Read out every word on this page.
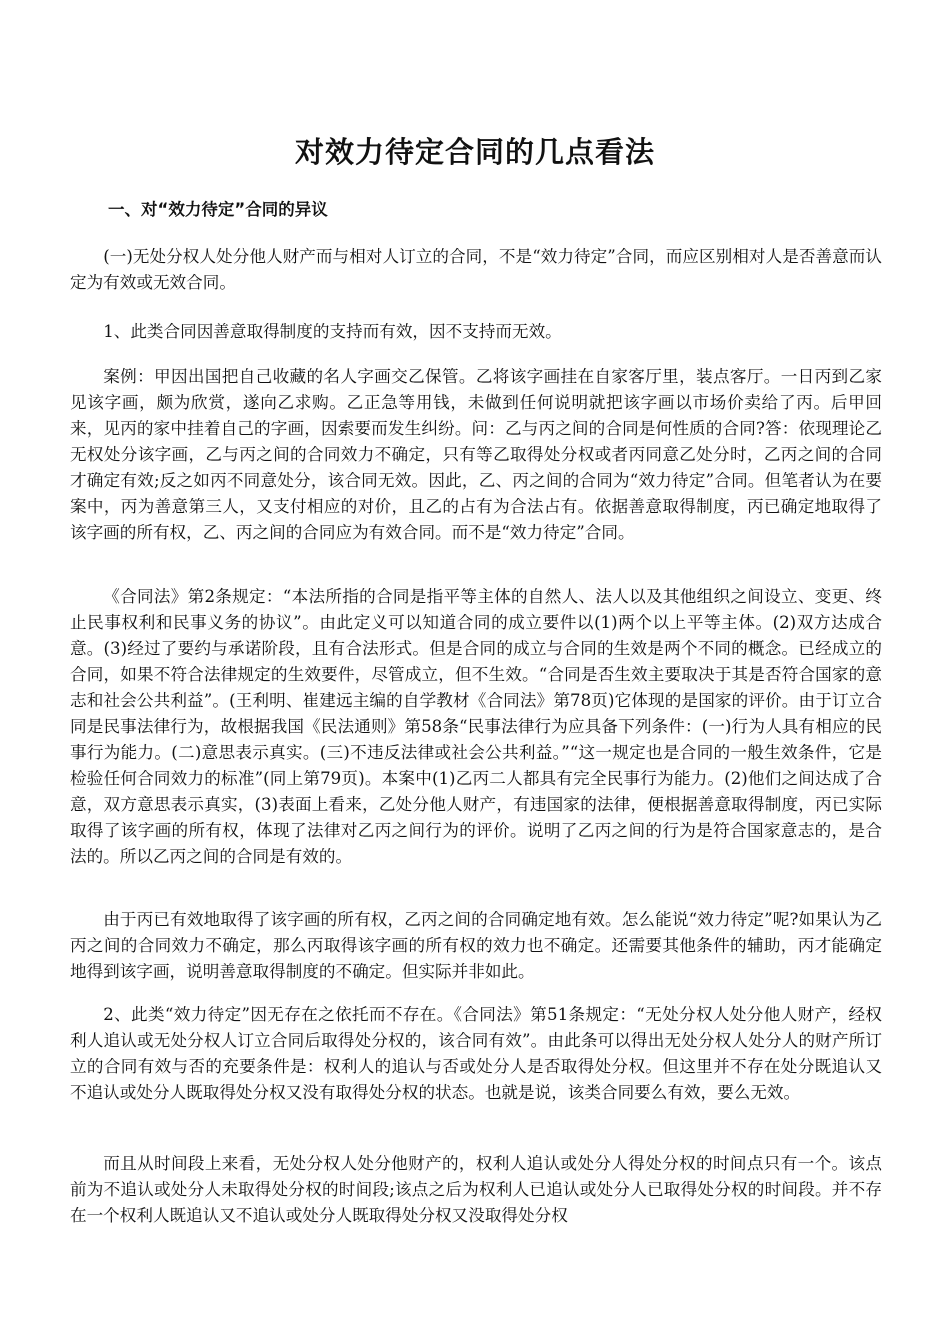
对效力待定合同的几点看法
一、对“效力待定”合同的异议

(一)无处分权人处分他人财产而与相对人订立的合同，不是“效力待定”合同，而应区别相对人是否善意而认定为有效或无效合同。

1、此类合同因善意取得制度的支持而有效，因不支持而无效。

案例：甲因出国把自己收藏的名人字画交乙保管。乙将该字画挂在自家客厅里，装点客厅。一日丙到乙家见该字画，颇为欣赏，遂向乙求购。乙正急等用钱，未做到任何说明就把该字画以市场价卖给了丙。后甲回来，见丙的家中挂着自己的字画，因索要而发生纠纷。问：乙与丙之间的合同是何性质的合同?答：依现理论乙无权处分该字画，乙与丙之间的合同效力不确定，只有等乙取得处分权或者丙同意乙处分时，乙丙之间的合同才确定有效;反之如丙不同意处分，该合同无效。因此，乙、丙之间的合同为“效力待定”合同。但笔者认为在要案中，丙为善意第三人，又支付相应的对价，且乙的占有为合法占有。依据善意取得制度，丙已确定地取得了该字画的所有权，乙、丙之间的合同应为有效合同。而不是“效力待定”合同。

《合同法》第2条规定：“本法所指的合同是指平等主体的自然人、法人以及其他组织之间设立、变更、终止民事权利和民事义务的协议”。由此定义可以知道合同的成立要件以(1)两个以上平等主体。(2)双方达成合意。(3)经过了要约与承诺阶段，且有合法形式。但是合同的成立与合同的生效是两个不同的概念。已经成立的合同，如果不符合法律规定的生效要件，尽管成立，但不生效。“合同是否生效主要取决于其是否符合国家的意志和社会公共利益”。(王利明、崔建远主编的自学教材《合同法》第78页)它体现的是国家的评价。由于订立合同是民事法律行为，故根据我国《民法通则》第58条“民事法律行为应具备下列条件：(一)行为人具有相应的民事行为能力。(二)意思表示真实。(三)不违反法律或社会公共利益。”“这一规定也是合同的一般生效条件，它是检验任何合同效力的标准”(同上第79页)。本案中(1)乙丙二人都具有完全民事行为能力。(2)他们之间达成了合意，双方意思表示真实，(3)表面上看来，乙处分他人财产，有违国家的法律，便根据善意取得制度，丙已实际取得了该字画的所有权，体现了法律对乙丙之间行为的评价。说明了乙丙之间的行为是符合国家意志的，是合法的。所以乙丙之间的合同是有效的。

由于丙已有效地取得了该字画的所有权，乙丙之间的合同确定地有效。怎么能说“效力待定”呢?如果认为乙丙之间的合同效力不确定，那么丙取得该字画的所有权的效力也不确定。还需要其他条件的辅助，丙才能确定地得到该字画，说明善意取得制度的不确定。但实际并非如此。

2、此类“效力待定”因无存在之依托而不存在。《合同法》第51条规定：“无处分权人处分他人财产，经权利人追认或无处分权人订立合同后取得处分权的，该合同有效”。由此条可以得出无处分权人处分人的财产所订立的合同有效与否的充要条件是：权利人的追认与否或处分人是否取得处分权。但这里并不存在处分既追认又不追认或处分人既取得处分权又没有取得处分权的状态。也就是说，该类合同要么有效，要么无效。

而且从时间段上来看，无处分权人处分他财产的，权利人追认或处分人得处分权的时间点只有一个。该点前为不追认或处分人未取得处分权的时间段;该点之后为权利人已追认或处分人已取得处分权的时间段。并不存在一个权利人既追认又不追认或处分人既取得处分权又没取得处分权
